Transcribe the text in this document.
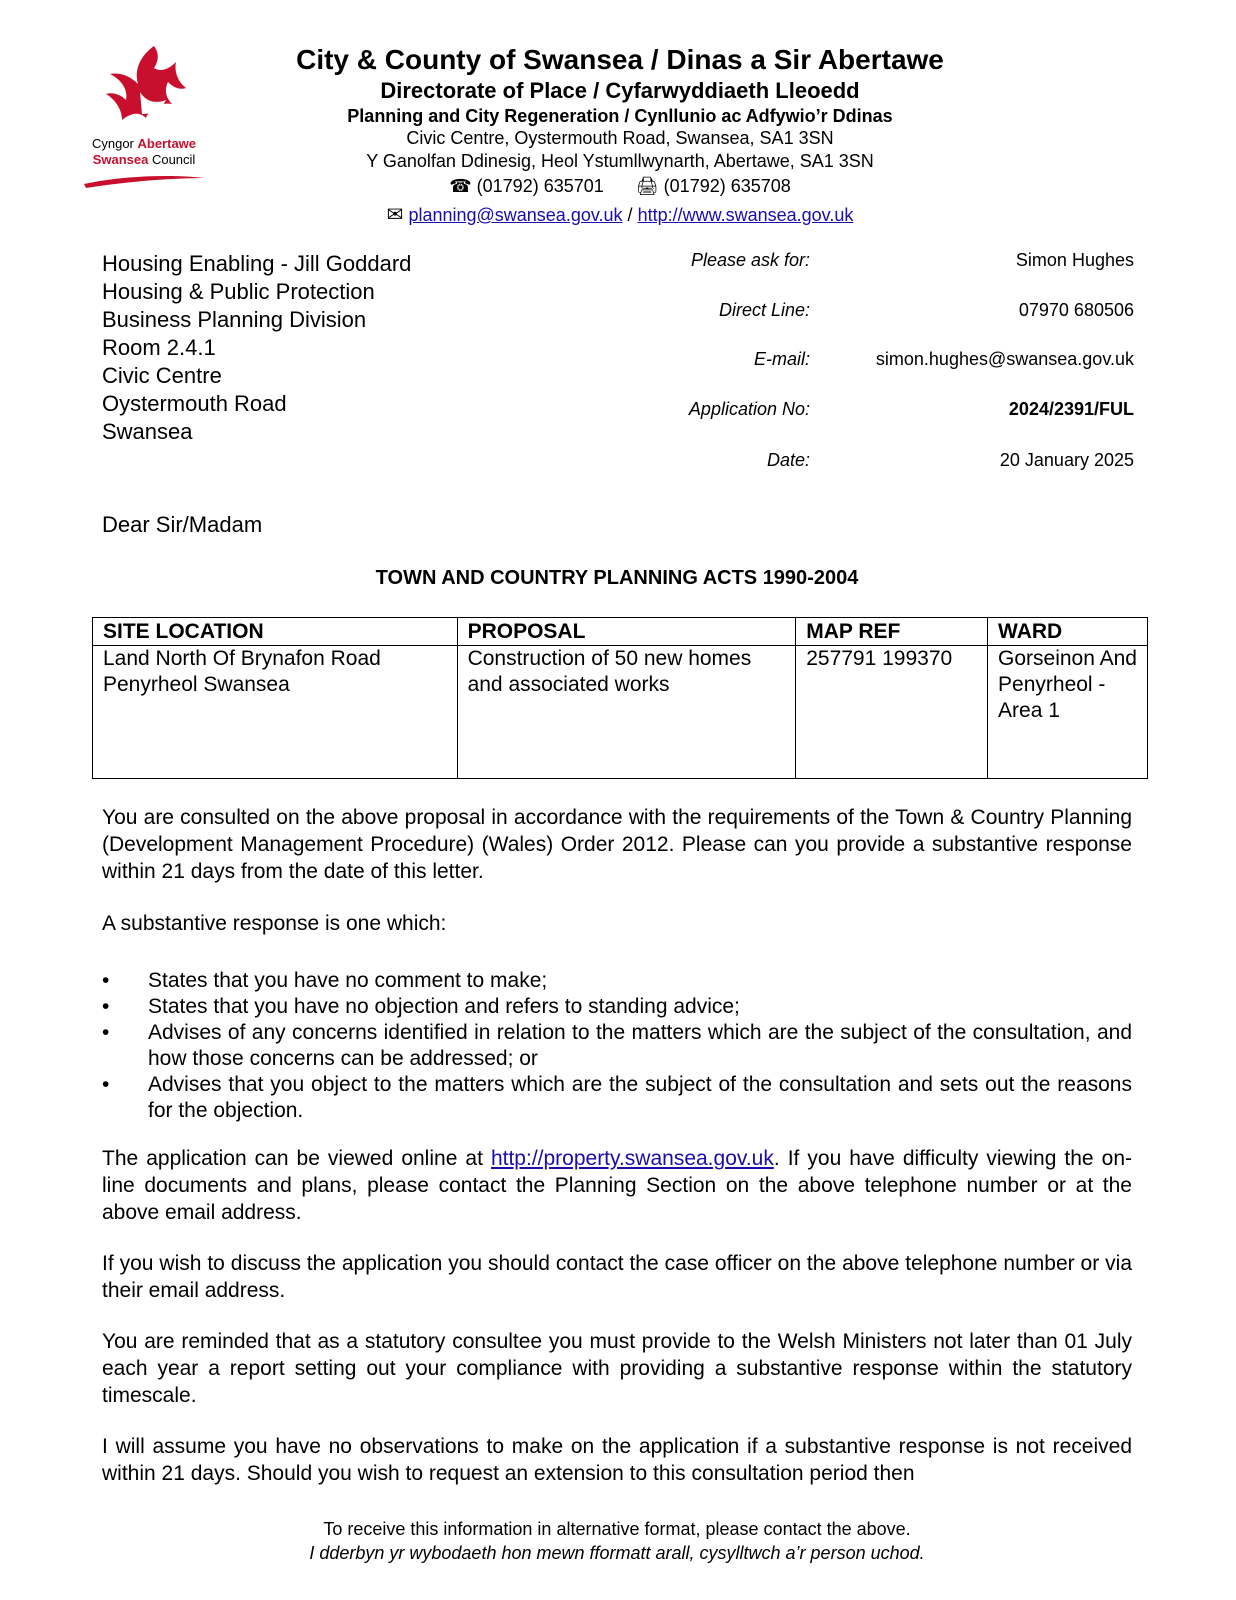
Cyngor Abertawe
Swansea Council
City & County of Swansea / Dinas a Sir Abertawe
Directorate of Place / Cyfarwyddiaeth Lleoedd
Planning and City Regeneration / Cynllunio ac Adfywio’r Ddinas
Civic Centre, Oystermouth Road, Swansea, SA1 3SN
Y Ganolfan Ddinesig, Heol Ystumllwynarth, Abertawe, SA1 3SN
☎ (01792) 635701 🖨 (01792) 635708
✉ planning@swansea.gov.uk / http://www.swansea.gov.uk
Housing Enabling - Jill Goddard
Housing & Public Protection
Business Planning Division
Room 2.4.1
Civic Centre
Oystermouth Road
Swansea
Please ask for:	Simon Hughes
Direct Line:	07970 680506
E-mail:	simon.hughes@swansea.gov.uk
Application No:	2024/2391/FUL
Date:	20 January 2025
Dear Sir/Madam
TOWN AND COUNTRY PLANNING ACTS 1990-2004
SITE LOCATION	PROPOSAL	MAP REF	WARD
Land North Of Brynafon Road Penyrheol Swansea	Construction of 50 new homes and associated works	257791 199370	Gorseinon And Penyrheol - Area 1
You are consulted on the above proposal in accordance with the requirements of the Town & Country Planning (Development Management Procedure) (Wales) Order 2012. Please can you provide a substantive response within 21 days from the date of this letter.
A substantive response is one which:
• States that you have no comment to make;
• States that you have no objection and refers to standing advice;
• Advises of any concerns identified in relation to the matters which are the subject of the consultation, and how those concerns can be addressed; or
• Advises that you object to the matters which are the subject of the consultation and sets out the reasons for the objection.
The application can be viewed online at http://property.swansea.gov.uk. If you have difficulty viewing the on-line documents and plans, please contact the Planning Section on the above telephone number or at the above email address.
If you wish to discuss the application you should contact the case officer on the above telephone number or via their email address.
You are reminded that as a statutory consultee you must provide to the Welsh Ministers not later than 01 July each year a report setting out your compliance with providing a substantive response within the statutory timescale.
I will assume you have no observations to make on the application if a substantive response is not received within 21 days. Should you wish to request an extension to this consultation period then
To receive this information in alternative format, please contact the above.
I dderbyn yr wybodaeth hon mewn fformatt arall, cysylltwch a’r person uchod.
